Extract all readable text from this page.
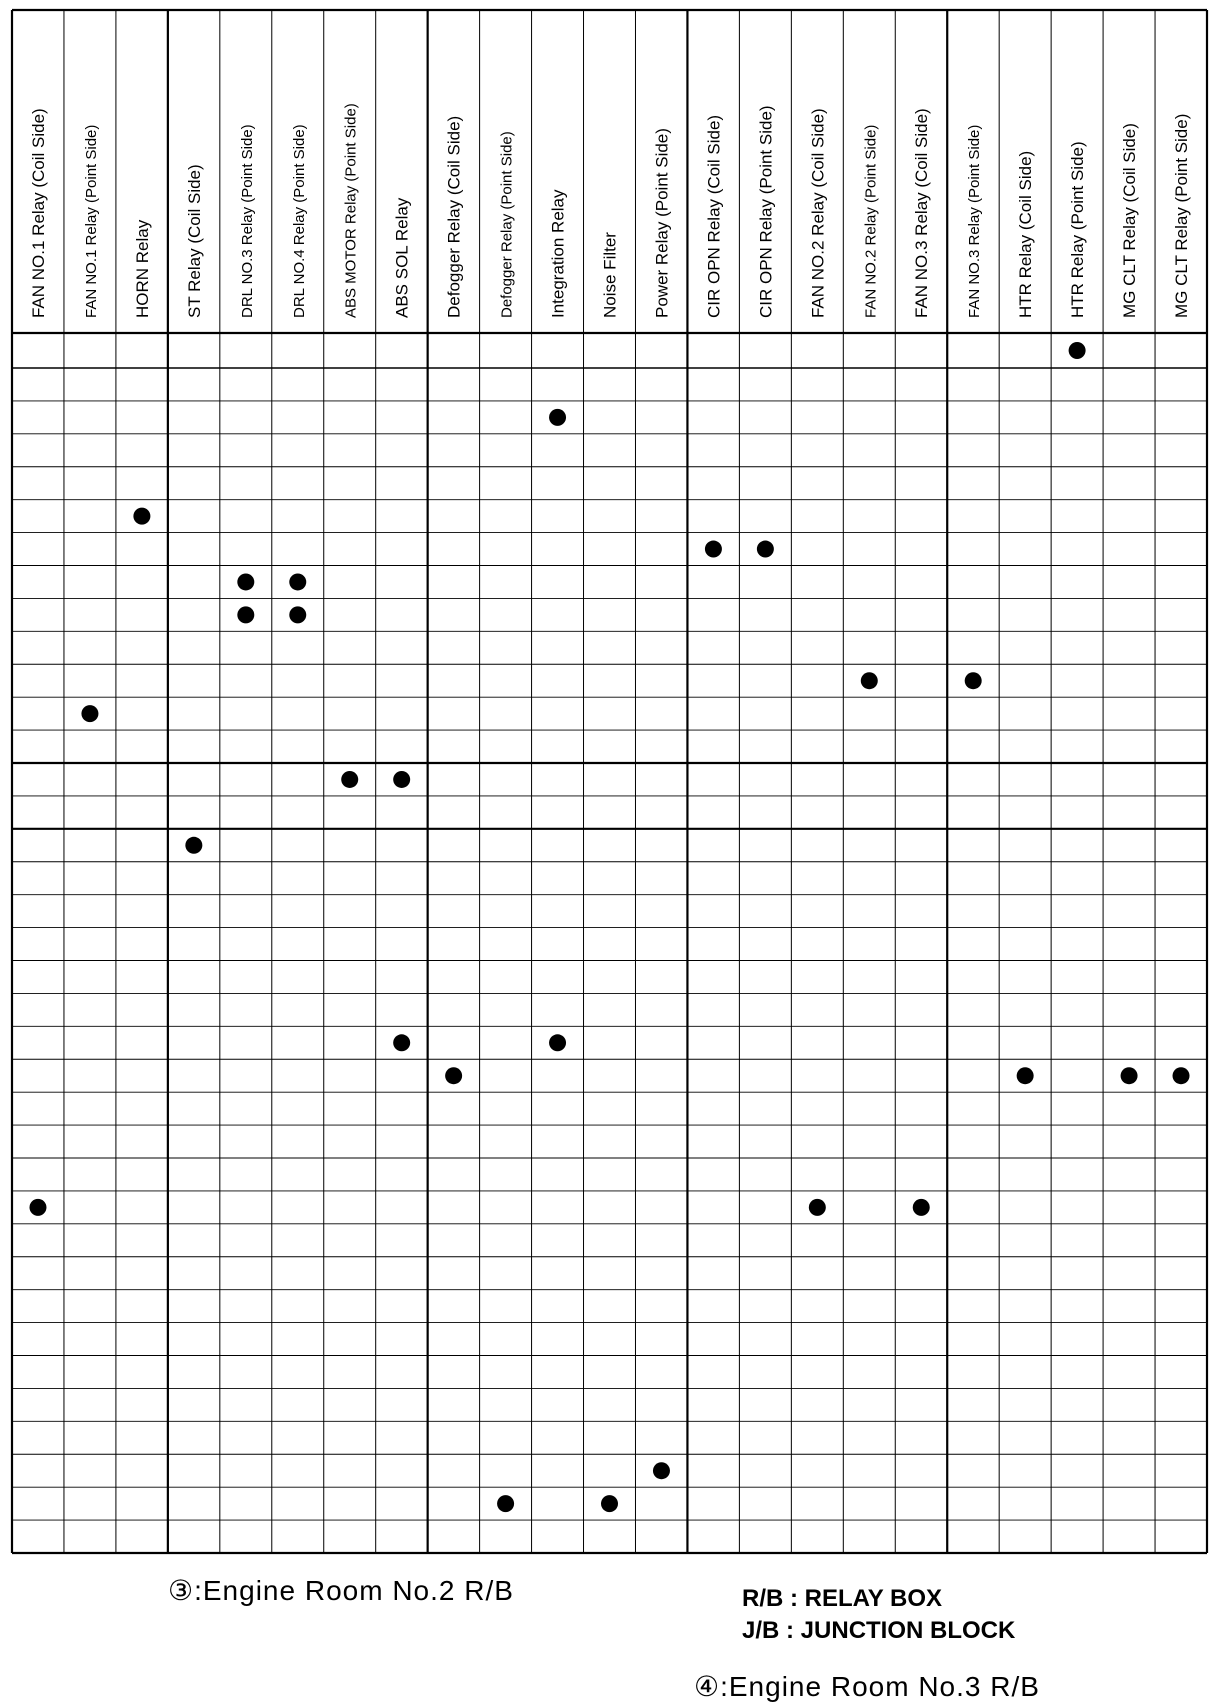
FAN NO.1 Relay (Coil Side) FAN NO.1 Relay (Point Side) HORN Relay ST Relay (Coil Side) DRL NO.3 Relay (Point Side) DRL NO.4 Relay (Point Side) ABS MOTOR Relay (Point Side) ABS SOL Relay Defogger Relay (Coil Side) Defogger Relay (Point Side) Integration Relay Noise Filter Power Relay (Point Side) CIR OPN Relay (Coil Side) CIR OPN Relay (Point Side) FAN NO.2 Relay (Coil Side) FAN NO.2 Relay (Point Side) FAN NO.3 Relay (Coil Side) FAN NO.3 Relay (Point Side) HTR Relay (Coil Side) HTR Relay (Point Side) MG CLT Relay (Coil Side) MG CLT Relay (Point Side)
③:Engine Room No.2 R/B	R/B : RELAY BOX
J/B : JUNCTION BLOCK
④:Engine Room No.3 R/B
